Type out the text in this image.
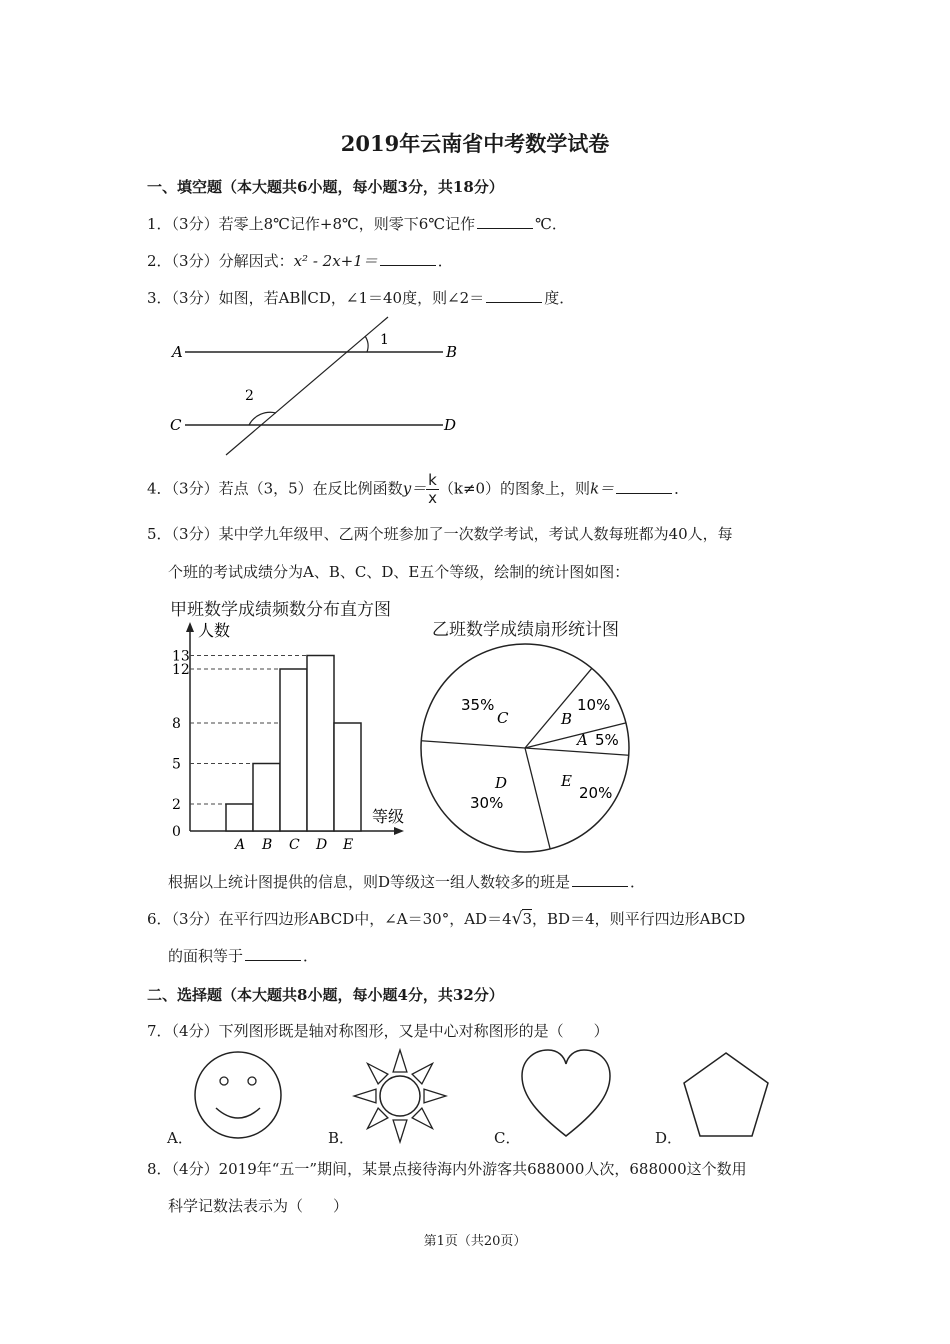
2019年云南省中考数学试卷
一、填空题（本大题共6小题，每小题3分，共18分）
1．（3分）若零上8℃记作+8℃，则零下6℃记作	℃．
2．（3分）分解因式：x² - 2x+1＝	．
3．（3分）如图，若AB∥CD，∠1＝40度，则∠2＝	度．
A	B
C	D
1
2
4．（3分）若点（3，5）在反比例函数$y= \frac{k}{x} (k\ne 0)$的图象上，则k＝	．
5．（3分）某中学九年级甲、乙两个班参加了一次数学考试，考试人数每班都为40人，每
个班的考试成绩分为A、B、C、D、E五个等级，绘制的统计图如图：
甲班数学成绩频数分布直方图
人数
等级
0
2
5
8
12
13
A B C D E
乙班数学成绩扇形统计图
A 5%
B
10%
C
35%
D
30%
E
20%
根据以上统计图提供的信息，则D等级这一组人数较多的班是	．
6．（3分）在平行四边形ABCD中，∠A＝30°，AD＝4√3，BD＝4，则平行四边形ABCD
的面积等于	．
二、选择题（本大题共8小题，每小题4分，共32分）
7．（4分）下列图形既是轴对称图形，又是中心对称图形的是（　　）
A．	B．	C．	D．
8．（4分）2019年“五一”期间，某景点接待海内外游客共688000人次，688000这个数用
科学记数法表示为（　　）
第1页（共20页）
